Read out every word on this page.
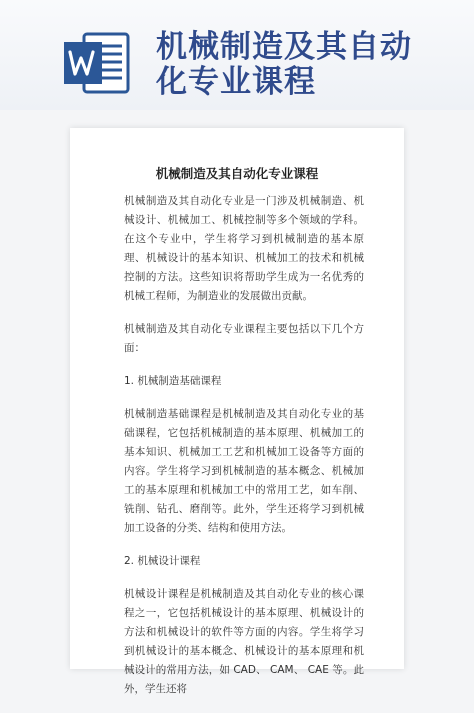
机械制造及其自动
化专业课程

机械制造及其自动化专业课程

机械制造及其自动化专业是一门涉及机械制造、机械设计、机械加工、机械控制等多个领域的学科。在这个专业中，学生将学习到机械制造的基本原理、机械设计的基本知识、机械加工的技术和机械控制的方法。这些知识将帮助学生成为一名优秀的机械工程师，为制造业的发展做出贡献。

机械制造及其自动化专业课程主要包括以下几个方面：

1. 机械制造基础课程

机械制造基础课程是机械制造及其自动化专业的基础课程，它包括机械制造的基本原理、机械加工的基本知识、机械加工工艺和机械加工设备等方面的内容。学生将学习到机械制造的基本概念、机械加工的基本原理和机械加工中的常用工艺，如车削、铣削、钻孔、磨削等。此外，学生还将学习到机械加工设备的分类、结构和使用方法。

2. 机械设计课程

机械设计课程是机械制造及其自动化专业的核心课程之一，它包括机械设计的基本原理、机械设计的方法和机械设计的软件等方面的内容。学生将学习到机械设计的基本概念、机械设计的基本原理和机械设计的常用方法，如 CAD、 CAM、 CAE 等。此外，学生还将
